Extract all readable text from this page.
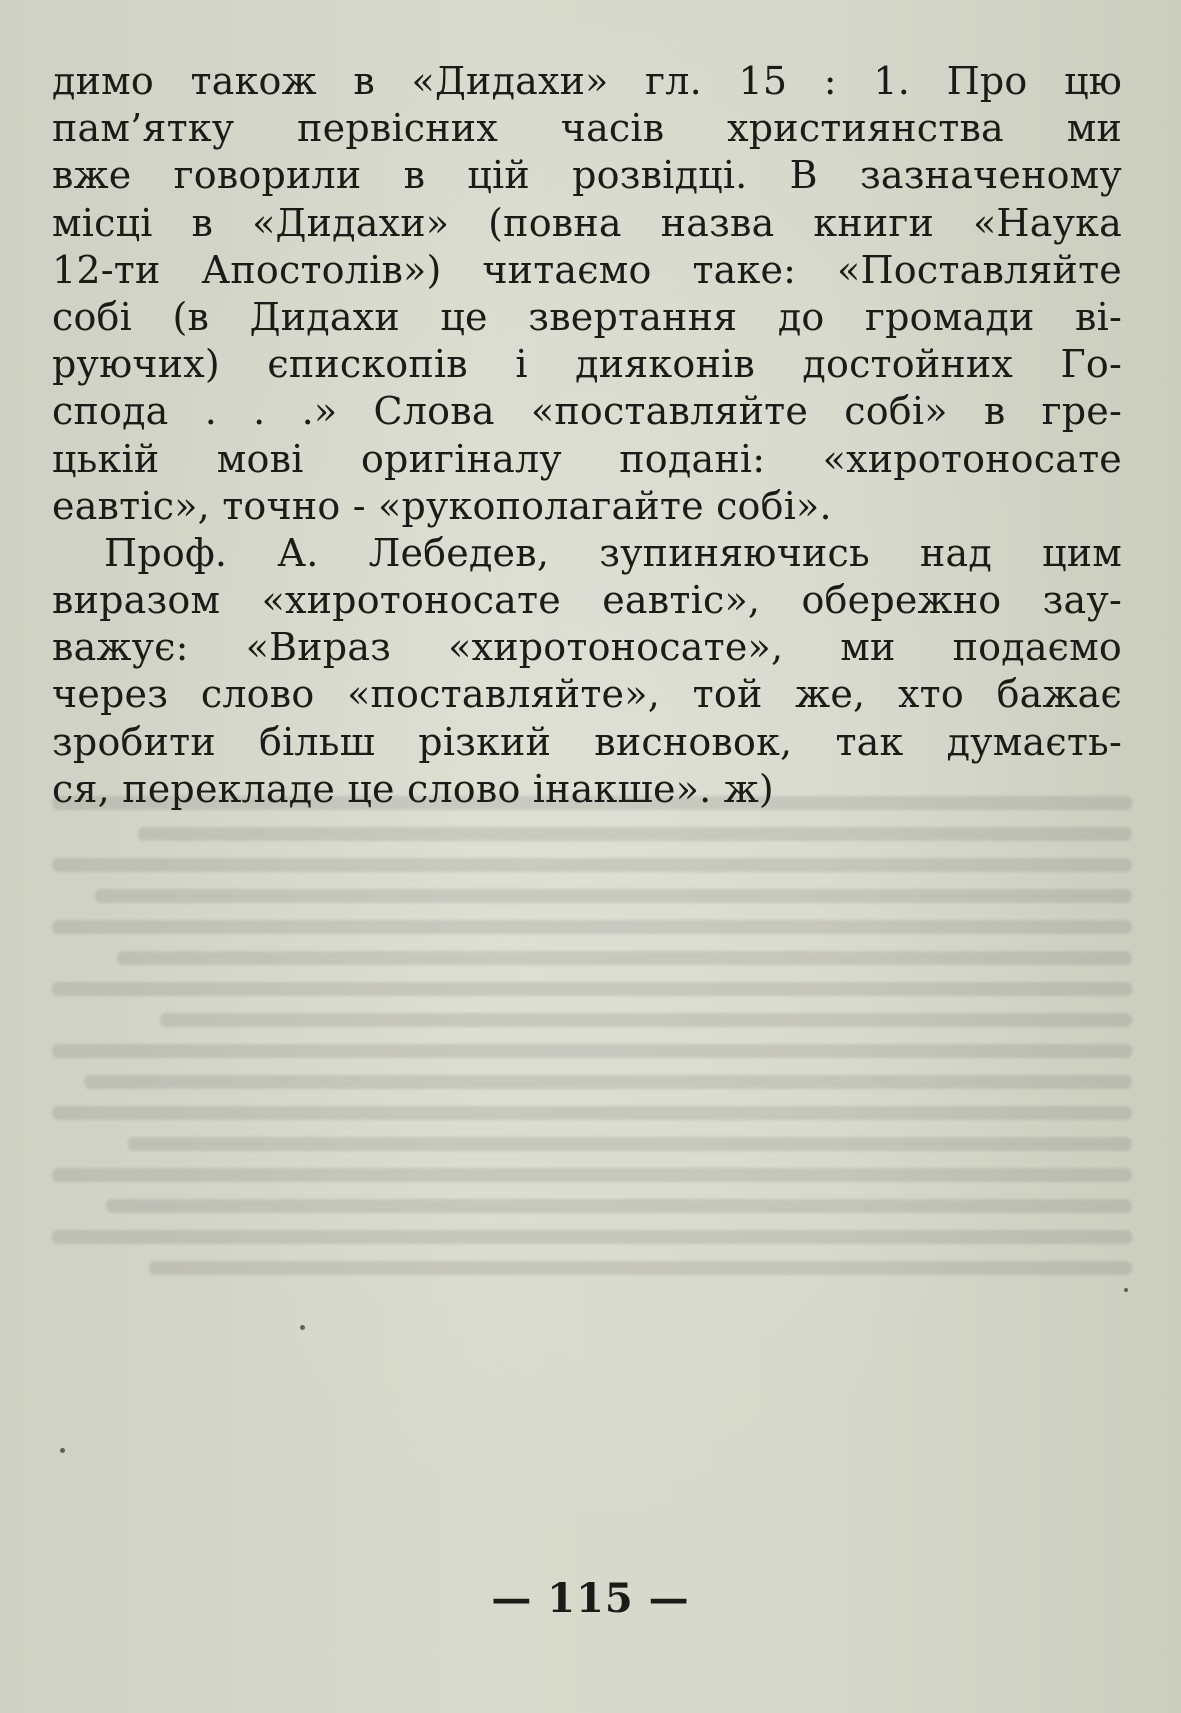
димо також в «Дидахи» гл. 15 : 1. Про цю
пам’ятку первісних часів християнства ми
вже говорили в цій розвідці. В зазначеному
місці в «Дидахи» (повна назва книги «Наука
12-ти Апостолів») читаємо таке: «Поставляйте
собі (в Дидахи це звертання до громади ві-
руючих) єпископів і дияконів достойних Го-
спода . . .» Слова «поставляйте собі» в гре-
цькій мові оригіналу подані: «хиротоносате
еавтіс», точно - «рукополагайте собі».
Проф. А. Лебедев, зупиняючись над цим
виразом «хиротоносате еавтіс», обережно зау-
важує: «Вираз «хиротоносате», ми подаємо
через слово «поставляйте», той же, хто бажає
зробити більш різкий висновок, так думаєть-
ся, перекладе це слово інакше». ж)
— 115 —
